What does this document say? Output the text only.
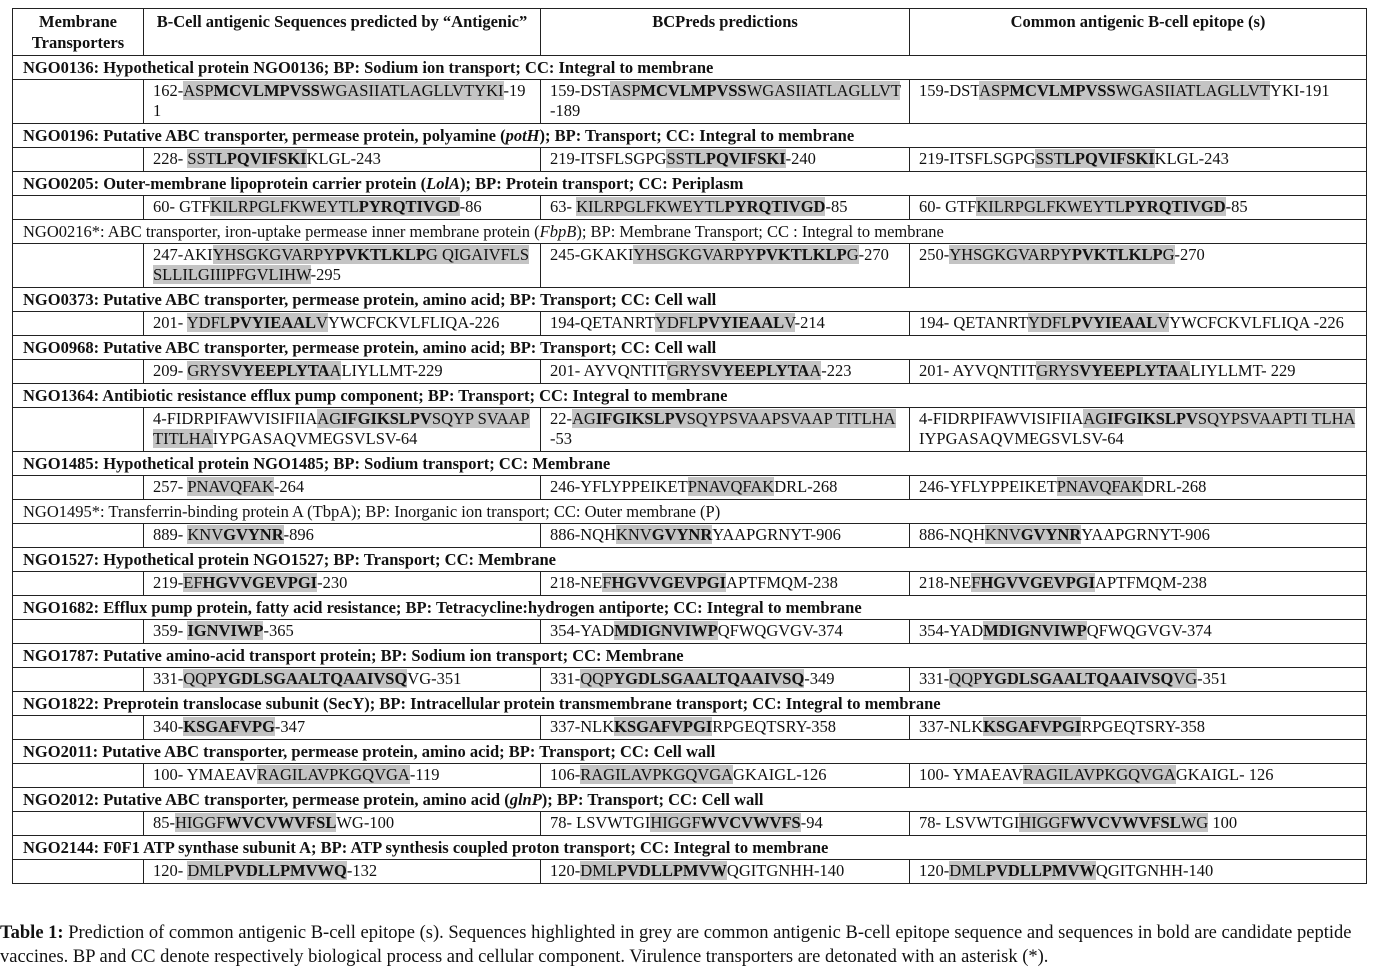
Membrane Transporters	B-Cell antigenic Sequences predicted by “Antigenic”	BCPreds predictions	Common antigenic B-cell epitope (s)
NGO0136: Hypothetical protein NGO0136; BP: Sodium ion transport; CC: Integral to membrane			
	162-ASPMCVLMPVSSWGASIIATLAGLLVTYKI-191	159-DSTASPMCVLMPVSSWGASIIATLAGLLVT-189	159-DSTASPMCVLMPVSSWGASIIATLAGLLVTYKI-191
NGO0196: Putative ABC transporter, permease protein, polyamine (potH); BP: Transport; CC: Integral to membrane			
	228- SSTLPQVIFSKIKLGL-243	219-ITSFLSGPGSSTLPQVIFSKI-240	219-ITSFLSGPGSSTLPQVIFSKIKLGL-243
NGO0205: Outer-membrane lipoprotein carrier protein (LolA); BP: Protein transport; CC: Periplasm			
	60- GTFKILRPGLFKWEYTLPYRQTIVGD-86	63- KILRPGLFKWEYTLPYRQTIVGD-85	60- GTFKILRPGLFKWEYTLPYRQTIVGD-85
NGO0216*: ABC transporter, iron-uptake permease inner membrane protein (FbpB); BP: Membrane Transport; CC : Integral to membrane			
	247-AKIYHSGKGVARPYPVKTLKLPG QIGAIVFLSSLLILGIIIPFGVLIHW-295	245-GKAKIYHSGKGVARPYPVKTLKLPG-270	250-YHSGKGVARPYPVKTLKLPG-270
NGO0373: Putative ABC transporter, permease protein, amino acid; BP: Transport; CC: Cell wall			
	201- YDFLPVYIEAALVYWCFCKVLFLIQA-226	194-QETANRTYDFLPVYIEAALV-214	194- QETANRTYDFLPVYIEAALVYWCFCKVLFLIQA -226
NGO0968: Putative ABC transporter, permease protein, amino acid; BP: Transport; CC: Cell wall			
	209- GRYSVYEEPLYTAALIYLLMT-229	201- AYVQNTITGRYSVYEEPLYTAA-223	201- AYVQNTITGRYSVYEEPLYTAALIYLLMT- 229
NGO1364: Antibiotic resistance efflux pump component; BP: Transport; CC: Integral to membrane			
	4-FIDRPIFAWVISIFIIAAGIFGIKSLPVSQYP SVAAPTITLHAIYPGASAQVMEGSVLSV-64	22-AGIFGIKSLPVSQYPSVAAPSVAAP TITLHA-53	4-FIDRPIFAWVISIFIIAAGIFGIKSLPVSQYPSVAAPTI TLHAIYPGASAQVMEGSVLSV-64
NGO1485: Hypothetical protein NGO1485; BP: Sodium transport; CC: Membrane			
	257- PNAVQFAK-264	246-YFLYPPEIKETPNAVQFAKDRL-268	246-YFLYPPEIKETPNAVQFAKDRL-268
NGO1495*: Transferrin-binding protein A (TbpA); BP: Inorganic ion transport; CC: Outer membrane (P)			
	889- KNVGVYNR-896	886-NQHKNVGVYNRYAAPGRNYT-906	886-NQHKNVGVYNRYAAPGRNYT-906
NGO1527: Hypothetical protein NGO1527; BP: Transport; CC: Membrane			
	219-EFHGVVGEVPGI-230	218-NEFHGVVGEVPGIAPTFMQM-238	218-NEFHGVVGEVPGIAPTFMQM-238
NGO1682: Efflux pump protein, fatty acid resistance; BP: Tetracycline:hydrogen antiporte; CC: Integral to membrane			
	359- IGNVIWP-365	354-YADMDIGNVIWPQFWQGVGV-374	354-YADMDIGNVIWPQFWQGVGV-374
NGO1787: Putative amino-acid transport protein; BP: Sodium ion transport; CC: Membrane			
	331-QQPYGDLSGAALTQAAIVSQVG-351	331-QQPYGDLSGAALTQAAIVSQ-349	331-QQPYGDLSGAALTQAAIVSQVG-351
NGO1822: Preprotein translocase subunit (SecY); BP: Intracellular protein transmembrane transport; CC: Integral to membrane			
	340-KSGAFVPG-347	337-NLKKSGAFVPGIRPGEQTSRY-358	337-NLKKSGAFVPGIRPGEQTSRY-358
NGO2011: Putative ABC transporter, permease protein, amino acid; BP: Transport; CC: Cell wall			
	100- YMAEAVRAGILAVPKGQVGA-119	106-RAGILAVPKGQVGAGKAIGL-126	100- YMAEAVRAGILAVPKGQVGAGKAIGL- 126
NGO2012: Putative ABC transporter, permease protein, amino acid (glnP); BP: Transport; CC: Cell wall			
	85-HIGGFWVCVWVFSLWG-100	78- LSVWTGIHIGGFWVCVWVFS-94	78- LSVWTGIHIGGFWVCVWVFSLWG 100
NGO2144: F0F1 ATP synthase subunit A; BP: ATP synthesis coupled proton transport; CC: Integral to membrane			
	120- DMLPVDLLPMVWQ-132	120-DMLPVDLLPMVWQGITGNHH-140	120-DMLPVDLLPMVWQGITGNHH-140
Table 1: Prediction of common antigenic B-cell epitope (s). Sequences highlighted in grey are common antigenic B-cell epitope sequence and sequences in bold are candidate peptide vaccines. BP and CC denote respectively biological process and cellular component. Virulence transporters are detonated with an asterisk (*).
